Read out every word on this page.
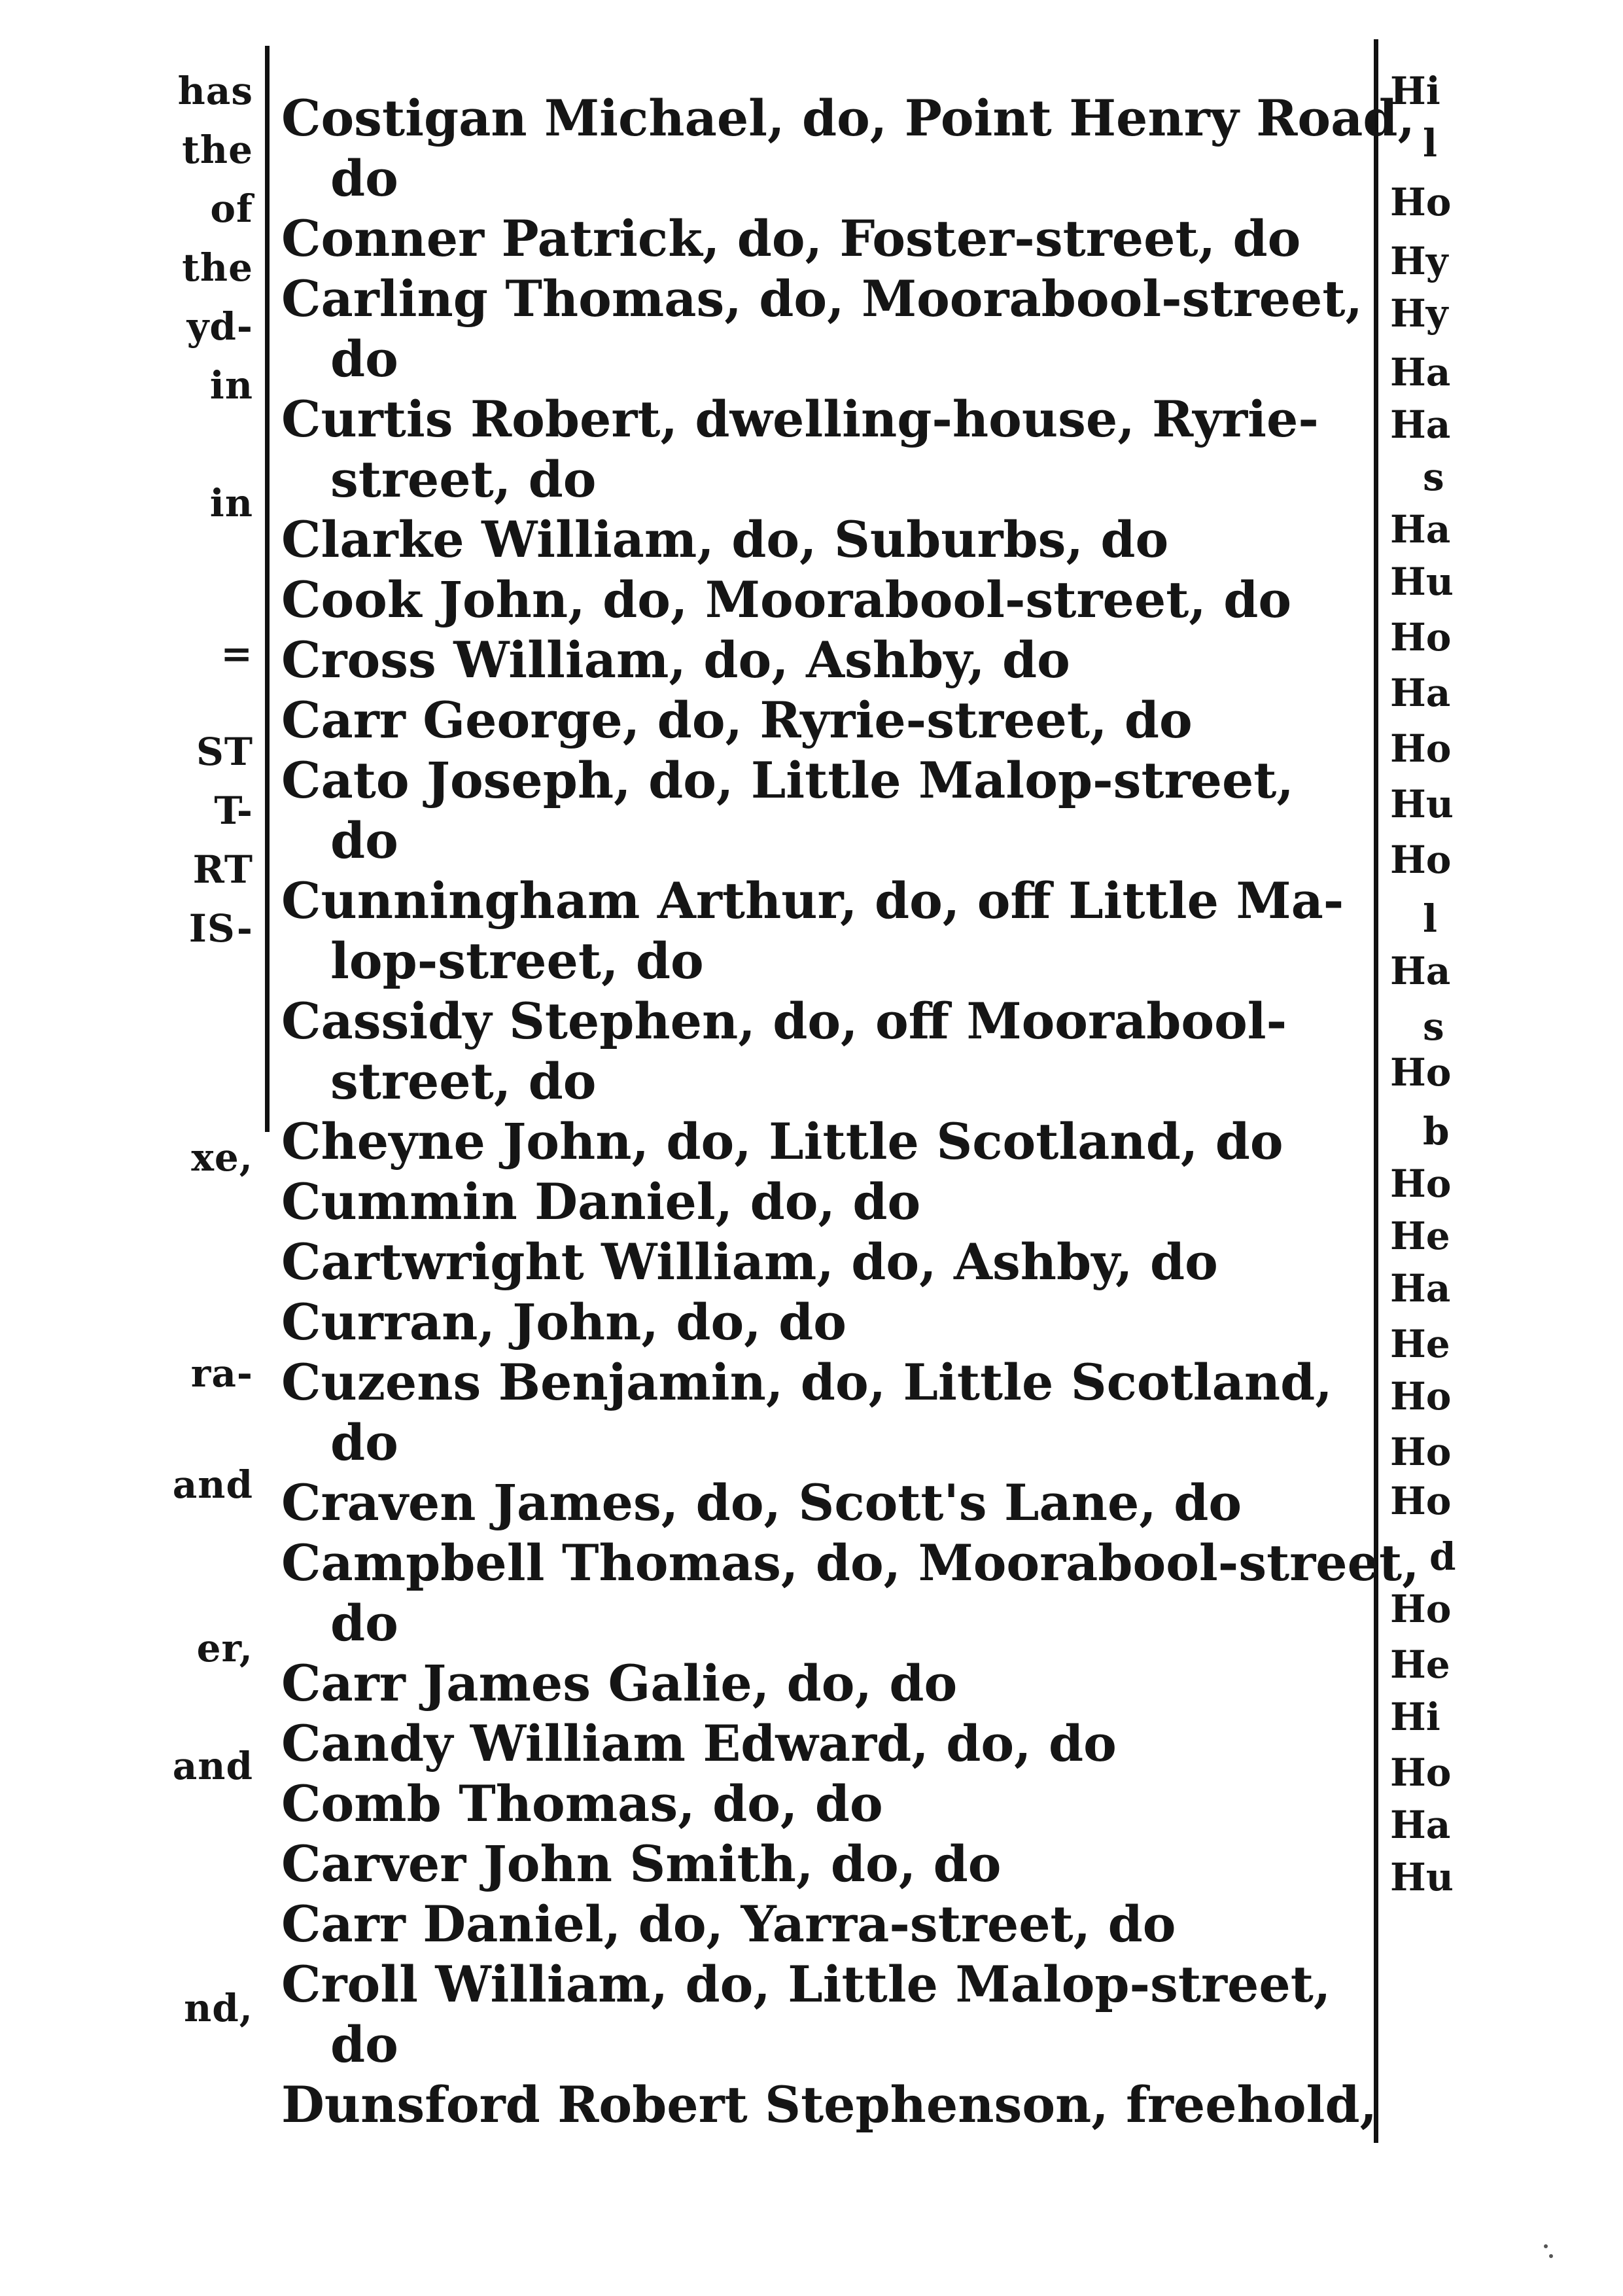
has
the
of
the
yd-
in
in
=
ST
T-
RT
IS-
xe,
ra-
and
er,
and
nd,
Costigan Michael, do, Point Henry Road,
do
Conner Patrick, do, Foster-street, do
Carling Thomas, do, Moorabool-street,
do
Curtis Robert, dwelling-house, Ryrie-
street, do
Clarke William, do, Suburbs, do
Cook John, do, Moorabool-street, do
Cross William, do, Ashby, do
Carr George, do, Ryrie-street, do
Cato Joseph, do, Little Malop-street,
do
Cunningham Arthur, do, off Little Ma-
lop-street, do
Cassidy Stephen, do, off Moorabool-
street, do
Cheyne John, do, Little Scotland, do
Cummin Daniel, do, do
Cartwright William, do, Ashby, do
Curran, John, do, do
Cuzens Benjamin, do, Little Scotland,
do
Craven James, do, Scott's Lane, do
Campbell Thomas, do, Moorabool-street,
do
Carr James Galie, do, do
Candy William Edward, do, do
Comb Thomas, do, do
Carver John Smith, do, do
Carr Daniel, do, Yarra-street, do
Croll William, do, Little Malop-street,
do
Dunsford Robert Stephenson, freehold,
Hi
l
Ho
Hy
Hy
Ha
Ha
s
Ha
Hu
Ho
Ha
Ho
Hu
Ho
l
Ha
s
Ho
b
Ho
He
Ha
He
Ho
Ho
Ho
d
Ho
He
Hi
Ho
Ha
Hu
